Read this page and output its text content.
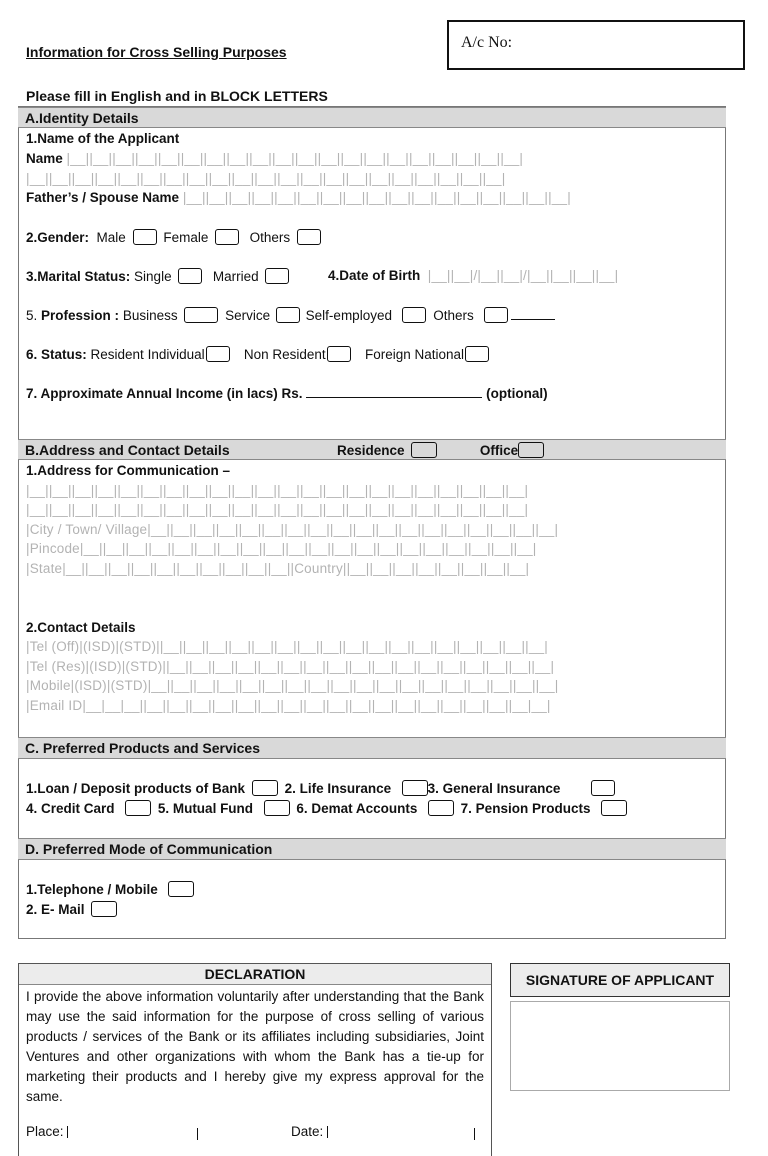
Information for Cross Selling Purposes
A/c No:
Please fill in English and in BLOCK LETTERS
A.Identity Details
1.Name of the Applicant
Name |__||__||__||__||__||__||__||__||__||__||__||__||__||__||__||__||__||__||__||__|
|__||__||__||__||__||__||__||__||__||__||__||__||__||__||__||__||__||__||__||__||__|
Father’s / Spouse Name |__||__||__||__||__||__||__||__||__||__||__||__||__||__||__||__||__|
2.Gender: Male	Female	Others
3.Marital Status: Single	Married	4.Date of Birth |__||__|/|__||__|/|__||__||__||__|
5. Profession : Business	Service	Self-employed	Others
6. Status: Resident Individual	Non Resident	Foreign National
7. Approximate Annual Income (in lacs) Rs.	(optional)
B.Address and Contact Details	Residence	Office
1.Address for Communication –
|__||__||__||__||__||__||__||__||__||__||__||__||__||__||__||__||__||__||__||__||__||__|
|__||__||__||__||__||__||__||__||__||__||__||__||__||__||__||__||__||__||__||__||__||__|
|City / Town/ Village|__||__||__||__||__||__||__||__||__||__||__||__||__||__||__||__||__||__|
|Pincode|__||__||__||__||__||__||__||__||__||__||__||__||__||__||__||__||__||__||__||__|
|State|__||__||__||__||__||__||__||__||__||__||Country||__||__||__||__||__||__||__||__|
2.Contact Details
|Tel (Off)|(ISD)|(STD)||__||__||__||__||__||__||__||__||__||__||__||__||__||__||__||__||__|
|Tel (Res)|(ISD)|(STD)||__||__||__||__||__||__||__||__||__||__||__||__||__||__||__||__||__|
|Mobile|(ISD)|(STD)|__||__||__||__||__||__||__||__||__||__||__||__||__||__||__||__||__||__|
|Email ID|__|__|__||__||__||__||__||__||__||__||__||__||__||__||__||__||__||__||__||__|__|
C. Preferred Products and Services
1.Loan / Deposit products of Bank	2. Life Insurance	3. General Insurance
4. Credit Card	5. Mutual Fund	6. Demat Accounts	7. Pension Products
D. Preferred Mode of Communication
1.Telephone / Mobile
2. E- Mail
DECLARATION
I provide the above information voluntarily after understanding that the Bank may use the said information for the purpose of cross selling of various products / services of the Bank or its affiliates including subsidiaries, Joint Ventures and other organizations with whom the Bank has a tie-up for marketing their products and I hereby give my express approval for the same.
Place:	Date:
SIGNATURE OF APPLICANT
